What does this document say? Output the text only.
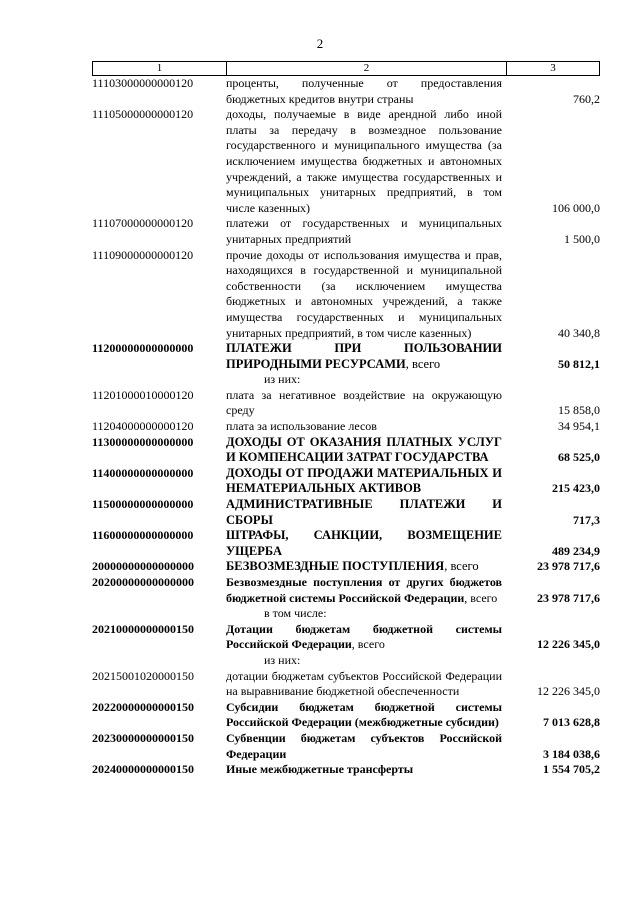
2
1	2	3
11103000000000120	проценты, полученные от предоставления бюджетных кредитов внутри страны	760,2
11105000000000120	доходы, получаемые в виде арендной либо иной платы за передачу в возмездное пользование государственного и муниципального имущества (за исключением имущества бюджетных и автономных учреждений, а также имущества государственных и муниципальных унитарных предприятий, в том числе казенных)	106 000,0
11107000000000120	платежи от государственных и муниципальных унитарных предприятий	1 500,0
11109000000000120	прочие доходы от использования имущества и прав, находящихся в государственной и муниципальной собственности (за исключением имущества бюджетных и автономных учреждений, а также имущества государственных и муниципальных унитарных предприятий, в том числе казенных)	40 340,8
11200000000000000	ПЛАТЕЖИ ПРИ ПОЛЬЗОВАНИИ ПРИРОДНЫМИ РЕСУРСАМИ, всего	50 812,1
из них:
11201000010000120	плата за негативное воздействие на окружающую среду	15 858,0
11204000000000120	плата за использование лесов	34 954,1
11300000000000000	ДОХОДЫ ОТ ОКАЗАНИЯ ПЛАТНЫХ УСЛУГ И КОМПЕНСАЦИИ ЗАТРАТ ГОСУДАРСТВА	68 525,0
11400000000000000	ДОХОДЫ ОТ ПРОДАЖИ МАТЕРИАЛЬНЫХ И НЕМАТЕРИАЛЬНЫХ АКТИВОВ	215 423,0
11500000000000000	АДМИНИСТРАТИВНЫЕ ПЛАТЕЖИ И СБОРЫ	717,3
11600000000000000	ШТРАФЫ, САНКЦИИ, ВОЗМЕЩЕНИЕ УЩЕРБА	489 234,9
20000000000000000	БЕЗВОЗМЕЗДНЫЕ ПОСТУПЛЕНИЯ, всего	23 978 717,6
20200000000000000	Безвозмездные поступления от других бюджетов бюджетной системы Российской Федерации, всего	23 978 717,6
в том числе:
20210000000000150	Дотации бюджетам бюджетной системы Российской Федерации, всего	12 226 345,0
из них:
20215001020000150	дотации бюджетам субъектов Российской Федерации на выравнивание бюджетной обеспеченности	12 226 345,0
20220000000000150	Субсидии бюджетам бюджетной системы Российской Федерации (межбюджетные субсидии)	7 013 628,8
20230000000000150	Субвенции бюджетам субъектов Российской Федерации	3 184 038,6
20240000000000150	Иные межбюджетные трансферты	1 554 705,2
